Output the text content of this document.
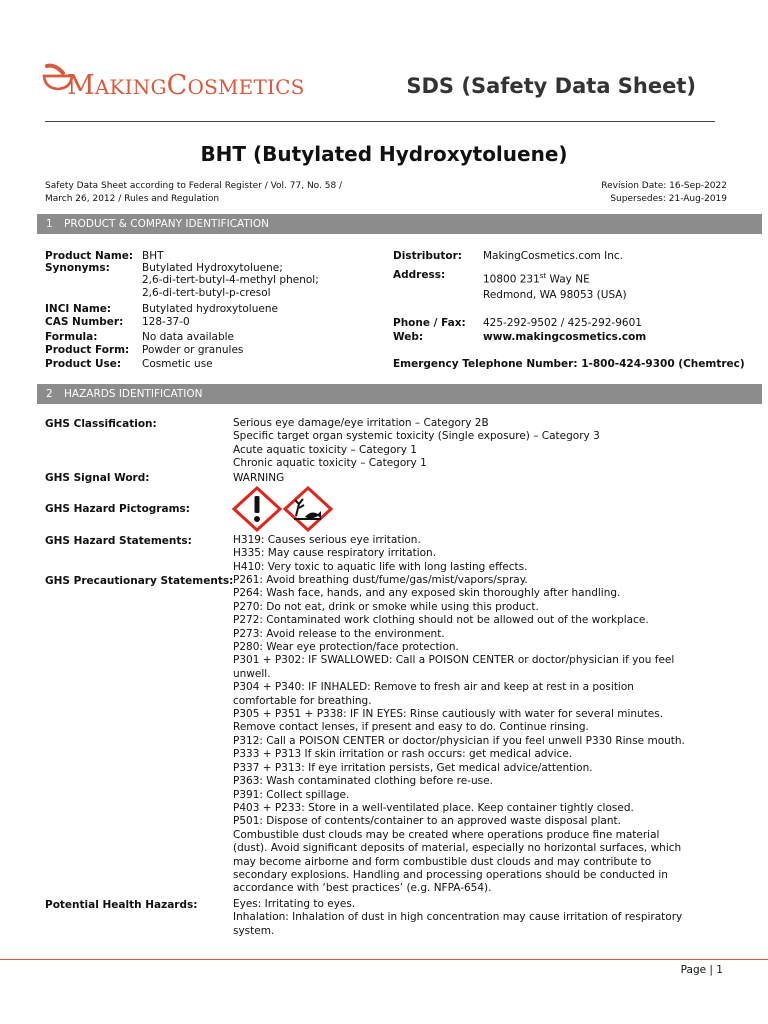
MAKINGCOSMETICS	SDS (Safety Data Sheet)
BHT (Butylated Hydroxytoluene)
Safety Data Sheet according to Federal Register / Vol. 77, No. 58 /
March 26, 2012 / Rules and Regulation
Revision Date: 16-Sep-2022
Supersedes: 21-Aug-2019
1 PRODUCT & COMPANY IDENTIFICATION
Product Name: BHT
Synonyms:	Butylated Hydroxytoluene;
2,6-di-tert-butyl-4-methyl phenol;
2,6-di-tert-butyl-p-cresol
INCI Name:	Butylated hydroxytoluene
CAS Number: 128-37-0
Formula:	No data available
Product Form: Powder or granules
Product Use: Cosmetic use
Distributor: MakingCosmetics.com Inc.
Address:	10800 231st Way NE
Redmond, WA 98053 (USA)
Phone / Fax: 425-292-9502 / 425-292-9601
Web:	www.makingcosmetics.com
Emergency Telephone Number: 1-800-424-9300 (Chemtrec)
2 HAZARDS IDENTIFICATION
GHS Classification:	Serious eye damage/eye irritation – Category 2B
Specific target organ systemic toxicity (Single exposure) – Category 3
Acute aquatic toxicity – Category 1
Chronic aquatic toxicity – Category 1
GHS Signal Word:	WARNING
GHS Hazard Pictograms:
GHS Hazard Statements:	H319: Causes serious eye irritation.
H335: May cause respiratory irritation.
H410: Very toxic to aquatic life with long lasting effects.
GHS Precautionary Statements: P261: Avoid breathing dust/fume/gas/mist/vapors/spray.
P264: Wash face, hands, and any exposed skin thoroughly after handling.
P270: Do not eat, drink or smoke while using this product.
P272: Contaminated work clothing should not be allowed out of the workplace.
P273: Avoid release to the environment.
P280: Wear eye protection/face protection.
P301 + P302: IF SWALLOWED: Call a POISON CENTER or doctor/physician if you feel unwell.
P304 + P340: IF INHALED: Remove to fresh air and keep at rest in a position comfortable for breathing.
P305 + P351 + P338: IF IN EYES: Rinse cautiously with water for several minutes. Remove contact lenses, if present and easy to do. Continue rinsing.
P312: Call a POISON CENTER or doctor/physician if you feel unwell P330 Rinse mouth.
P333 + P313 If skin irritation or rash occurs: get medical advice.
P337 + P313: If eye irritation persists, Get medical advice/attention.
P363: Wash contaminated clothing before re-use.
P391: Collect spillage.
P403 + P233: Store in a well-ventilated place. Keep container tightly closed.
P501: Dispose of contents/container to an approved waste disposal plant.
Combustible dust clouds may be created where operations produce fine material (dust). Avoid significant deposits of material, especially no horizontal surfaces, which may become airborne and form combustible dust clouds and may contribute to secondary explosions. Handling and processing operations should be conducted in accordance with ‘best practices’ (e.g. NFPA-654).
Potential Health Hazards:	Eyes: Irritating to eyes.
Inhalation: Inhalation of dust in high concentration may cause irritation of respiratory system.
Page | 1
